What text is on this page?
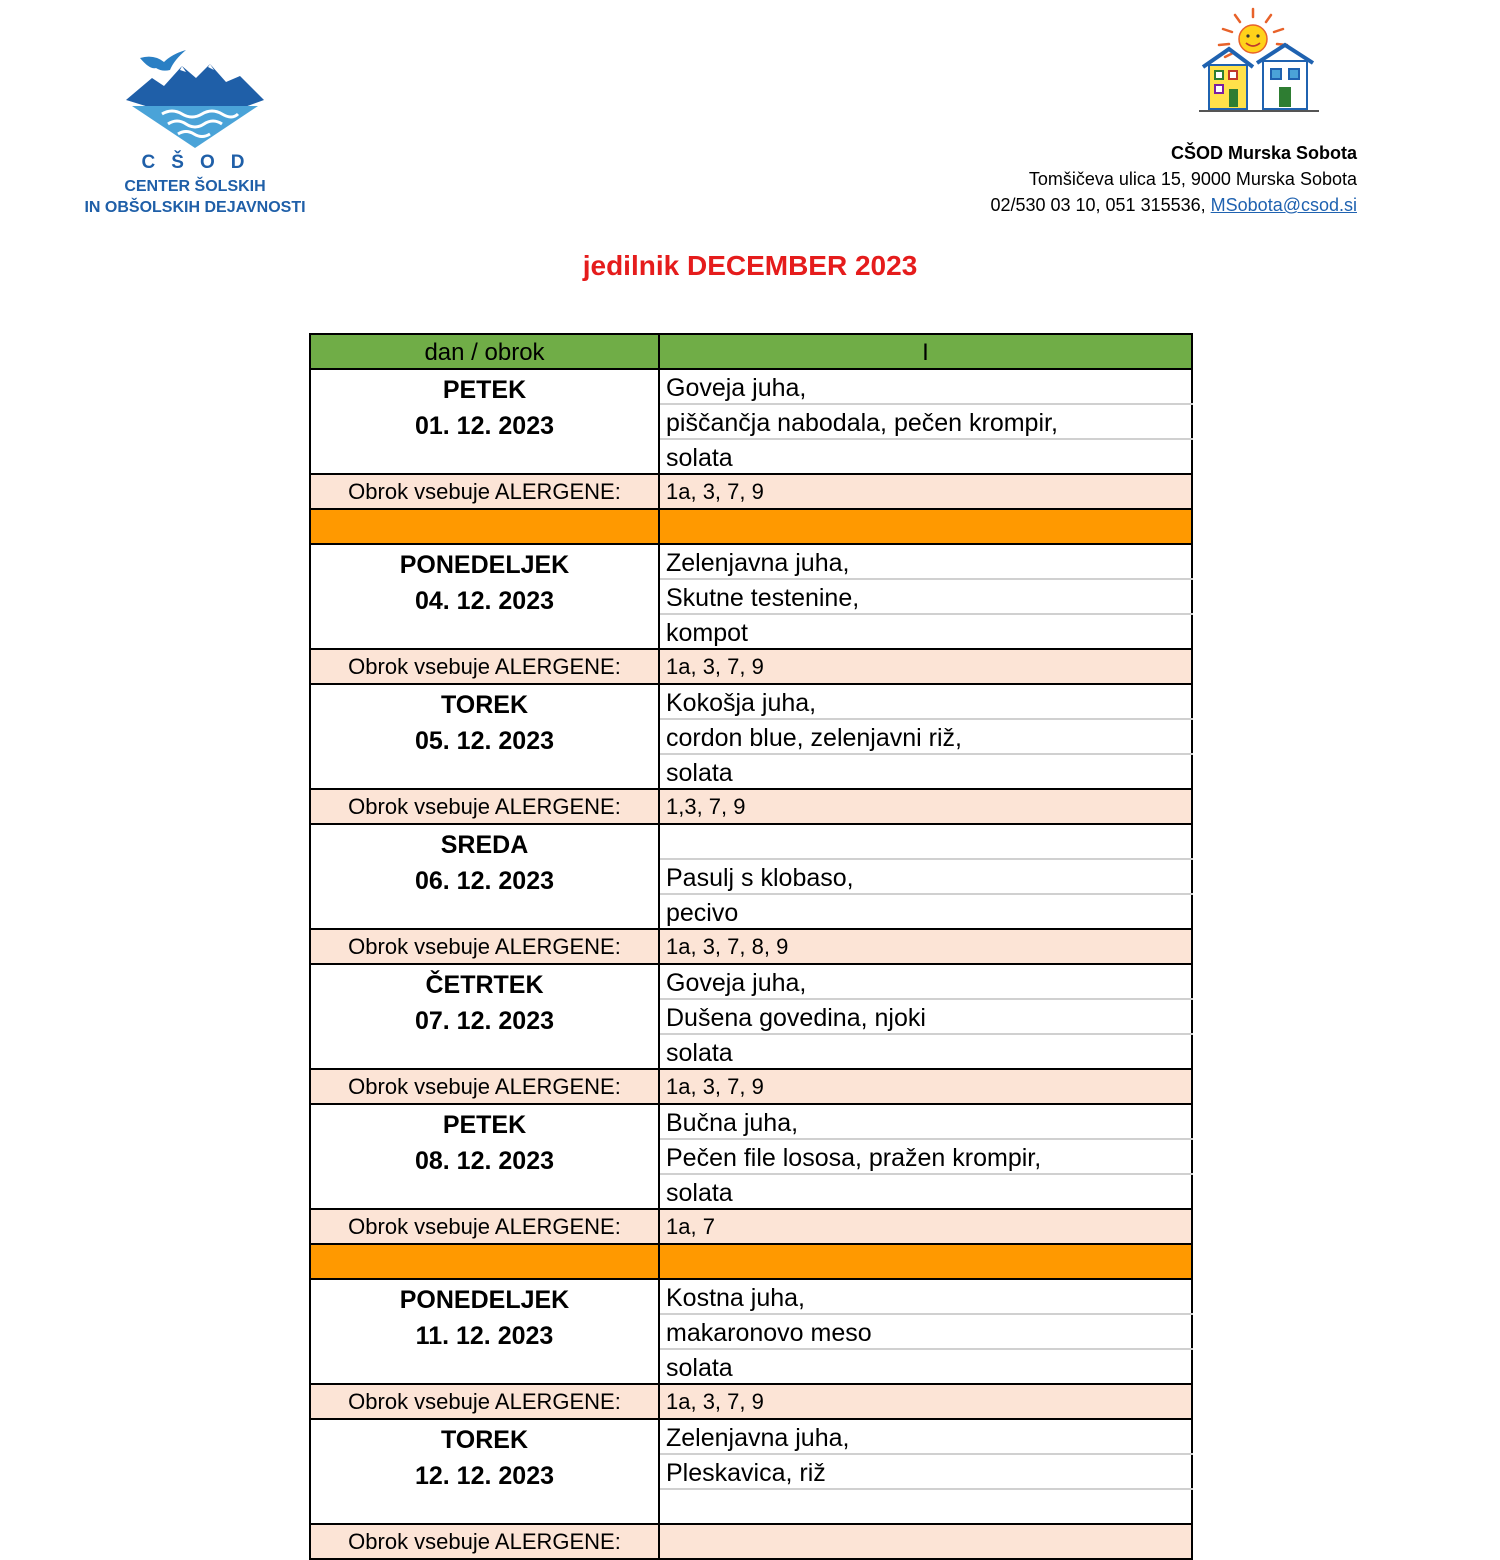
CŠOD
CENTER ŠOLSKIH
IN OBŠOLSKIH DEJAVNOSTI
CŠOD Murska Sobota
Tomšičeva ulica 15, 9000 Murska Sobota
02/530 03 10, 051 315536, MSobota@csod.si
jedilnik DECEMBER 2023
dan / obrok	I

PETEK
01. 12. 2023	Goveja juha,
	piščančja nabodala, pečen krompir,
	solata
Obrok vsebuje ALERGENE:	1a, 3, 7, 9

PONEDELJEK
04. 12. 2023	Zelenjavna juha,
	Skutne testenine,
	kompot
Obrok vsebuje ALERGENE:	1a, 3, 7, 9

TOREK
05. 12. 2023	Kokošja juha,
	cordon blue, zelenjavni riž,
	solata
Obrok vsebuje ALERGENE:	1,3, 7, 9

SREDA
06. 12. 2023	

	Pasulj s klobaso,
	pecivo
Obrok vsebuje ALERGENE:	1a, 3, 7, 8, 9

ČETRTEK
07. 12. 2023	Goveja juha,
	Dušena govedina, njoki
	solata
Obrok vsebuje ALERGENE:	1a, 3, 7, 9

PETEK
08. 12. 2023	Bučna juha,
	Pečen file lososa, pražen krompir,
	solata
Obrok vsebuje ALERGENE:	1a, 7

PONEDELJEK
11. 12. 2023	Kostna juha,
	makaronovo meso
	solata
Obrok vsebuje ALERGENE:	1a, 3, 7, 9

TOREK
12. 12. 2023	Zelenjavna juha,
	Pleskavica, riž

Obrok vsebuje ALERGENE:	
